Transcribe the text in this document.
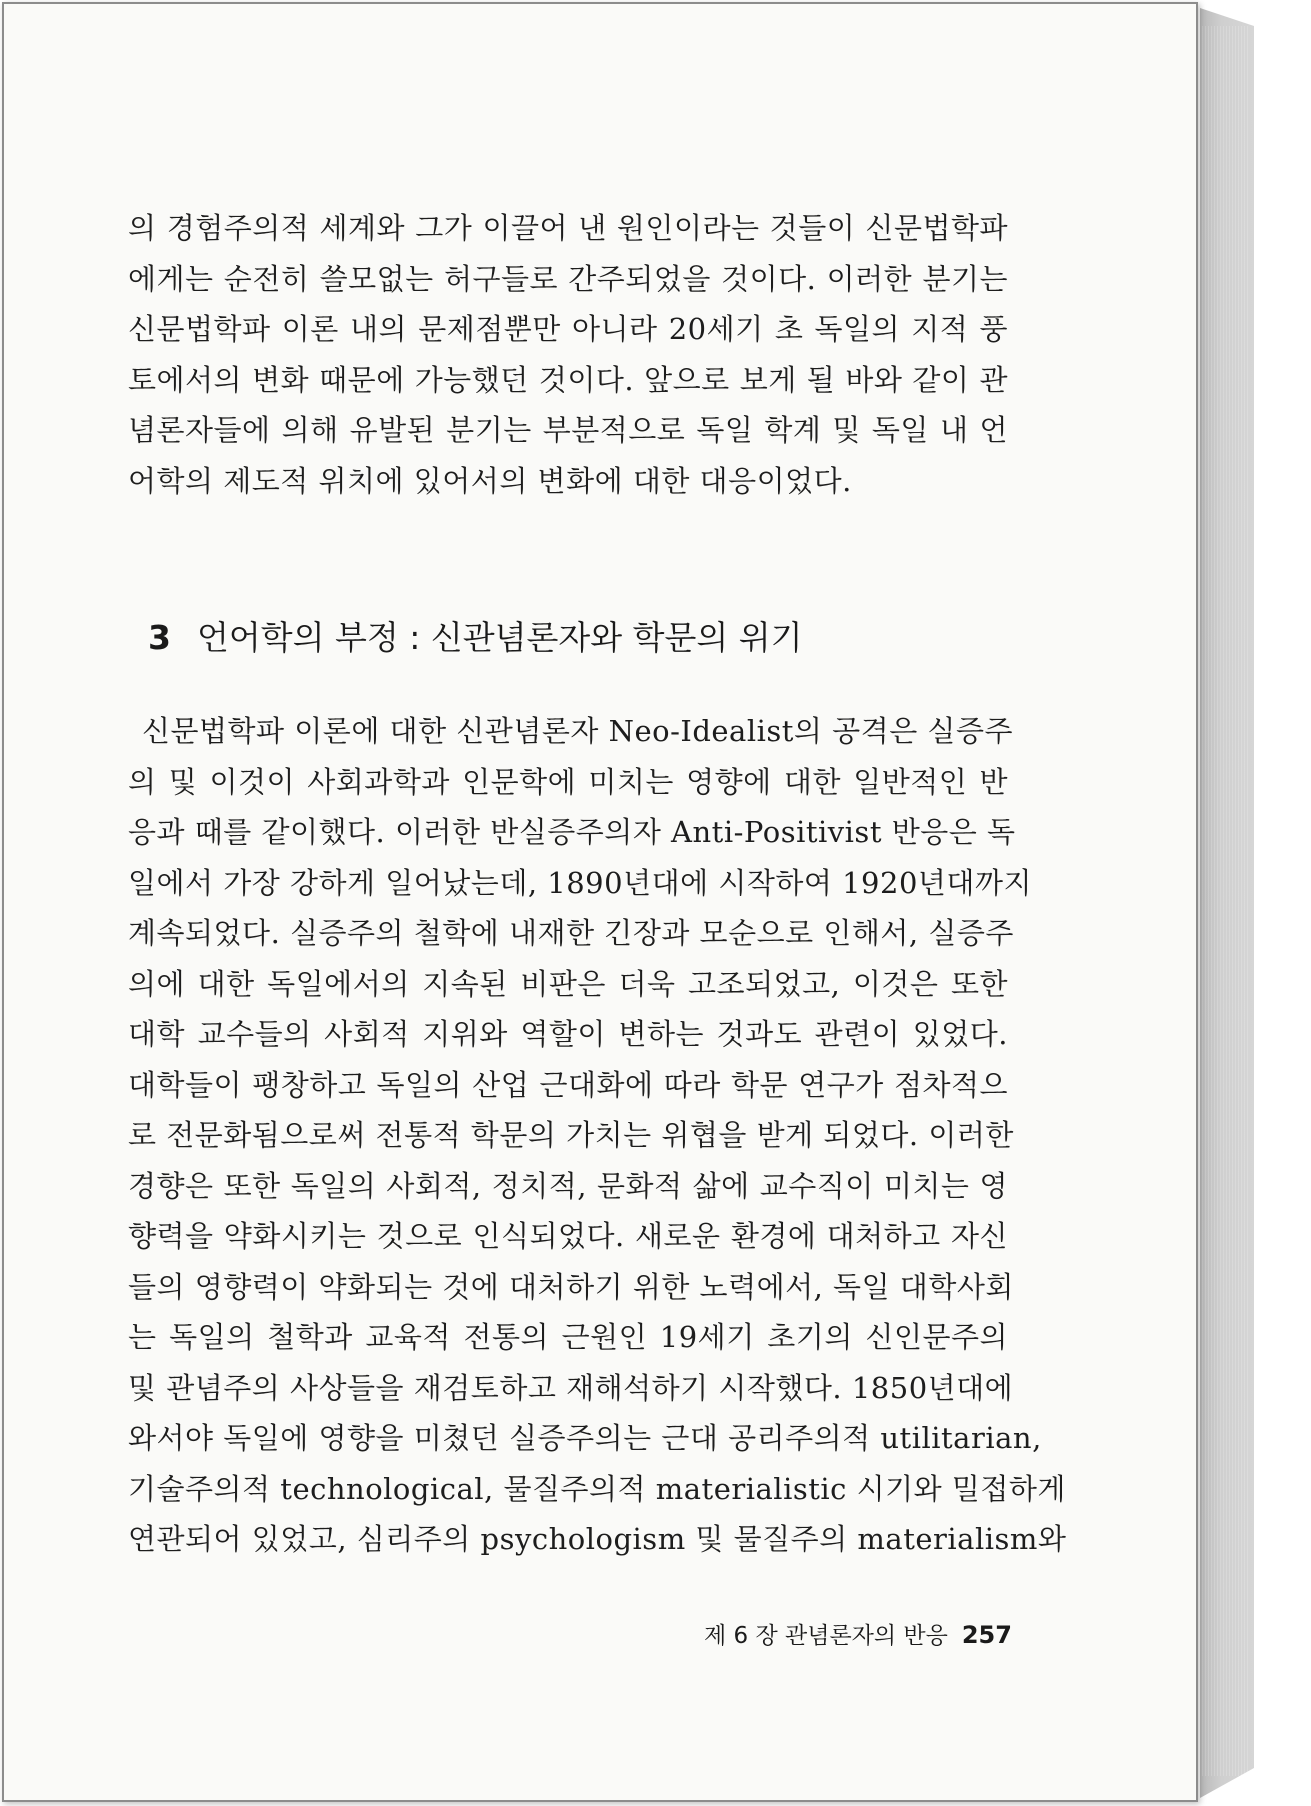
의 경험주의적 세계와 그가 이끌어 낸 원인이라는 것들이 신문법학파
에게는 순전히 쓸모없는 허구들로 간주되었을 것이다. 이러한 분기는
신문법학파 이론 내의 문제점뿐만 아니라 20세기 초 독일의 지적 풍
토에서의 변화 때문에 가능했던 것이다. 앞으로 보게 될 바와 같이 관
념론자들에 의해 유발된 분기는 부분적으로 독일 학계 및 독일 내 언
어학의 제도적 위치에 있어서의 변화에 대한 대응이었다.
3 언어학의 부정 : 신관념론자와 학문의 위기
신문법학파 이론에 대한 신관념론자 Neo-Idealist의 공격은 실증주
의 및 이것이 사회과학과 인문학에 미치는 영향에 대한 일반적인 반
응과 때를 같이했다. 이러한 반실증주의자 Anti-Positivist 반응은 독
일에서 가장 강하게 일어났는데, 1890년대에 시작하여 1920년대까지
계속되었다. 실증주의 철학에 내재한 긴장과 모순으로 인해서, 실증주
의에 대한 독일에서의 지속된 비판은 더욱 고조되었고, 이것은 또한
대학 교수들의 사회적 지위와 역할이 변하는 것과도 관련이 있었다.
대학들이 팽창하고 독일의 산업 근대화에 따라 학문 연구가 점차적으
로 전문화됨으로써 전통적 학문의 가치는 위협을 받게 되었다. 이러한
경향은 또한 독일의 사회적, 정치적, 문화적 삶에 교수직이 미치는 영
향력을 약화시키는 것으로 인식되었다. 새로운 환경에 대처하고 자신
들의 영향력이 약화되는 것에 대처하기 위한 노력에서, 독일 대학사회
는 독일의 철학과 교육적 전통의 근원인 19세기 초기의 신인문주의
및 관념주의 사상들을 재검토하고 재해석하기 시작했다. 1850년대에
와서야 독일에 영향을 미쳤던 실증주의는 근대 공리주의적 utilitarian,
기술주의적 technological, 물질주의적 materialistic 시기와 밀접하게
연관되어 있었고, 심리주의 psychologism 및 물질주의 materialism와
제 6 장 관념론자의 반응 257
